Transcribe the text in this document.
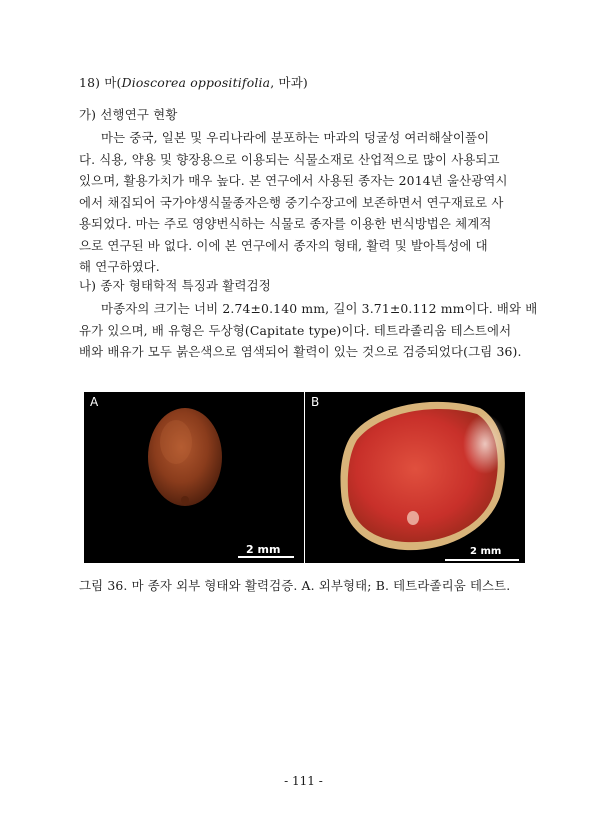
18) 마(Dioscorea oppositifolia, 마과)
가) 선행연구 현황
마는 중국, 일본 및 우리나라에 분포하는 마과의 덩굴성 여러해살이풀이
다. 식용, 약용 및 향장용으로 이용되는 식물소재로 산업적으로 많이 사용되고
있으며, 활용가치가 매우 높다. 본 연구에서 사용된 종자는 2014년 울산광역시
에서 채집되어 국가야생식물종자은행 중기수장고에 보존하면서 연구재료로 사
용되었다. 마는 주로 영양번식하는 식물로 종자를 이용한 번식방법은 체계적
으로 연구된 바 없다. 이에 본 연구에서 종자의 형태, 활력 및 발아특성에 대
해 연구하였다.
나) 종자 형태학적 특징과 활력검정
마종자의 크기는 너비 2.74±0.140 mm, 길이 3.71±0.112 mm이다. 배와 배
유가 있으며, 배 유형은 두상형(Capitate type)이다. 테트라졸리움 테스트에서
배와 배유가 모두 붉은색으로 염색되어 활력이 있는 것으로 검증되었다(그림 36).
A
2 mm
B
2 mm
그림 36. 마 종자 외부 형태와 활력검증. A. 외부형태; B. 테트라졸리움 테스트.
- 111 -
